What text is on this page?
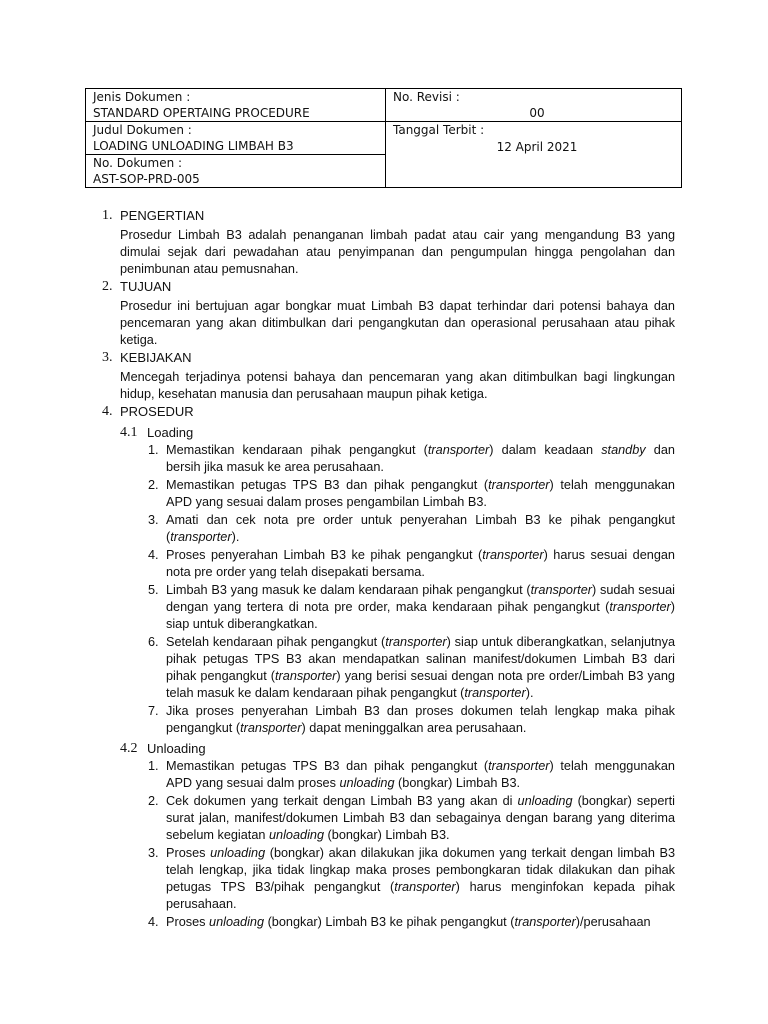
Jenis Dokumen :
STANDARD OPERTAING PROCEDURE	No. Revisi :
00

Judul Dokumen :
LOADING UNLOADING LIMBAH B3	Tanggal Terbit :
12 April 2021

No. Dokumen :
AST-SOP-PRD-005	
1. PENGERTIAN

Prosedur Limbah B3 adalah penanganan limbah padat atau cair yang mengandung B3 yang dimulai sejak dari pewadahan atau penyimpanan dan pengumpulan hingga pengolahan dan penimbunan atau pemusnahan.

2. TUJUAN

Prosedur ini bertujuan agar bongkar muat Limbah B3 dapat terhindar dari potensi bahaya dan pencemaran yang akan ditimbulkan dari pengangkutan dan operasional perusahaan atau pihak ketiga.

3. KEBIJAKAN

Mencegah terjadinya potensi bahaya dan pencemaran yang akan ditimbulkan bagi lingkungan hidup, kesehatan manusia dan perusahaan maupun pihak ketiga.

4. PROSEDUR
4.1 Loading
1. Memastikan kendaraan pihak pengangkut (transporter) dalam keadaan standby dan bersih jika masuk ke area perusahaan.
2. Memastikan petugas TPS B3 dan pihak pengangkut (transporter) telah menggunakan APD yang sesuai dalam proses pengambilan Limbah B3.
3. Amati dan cek nota pre order untuk penyerahan Limbah B3 ke pihak pengangkut (transporter).
4. Proses penyerahan Limbah B3 ke pihak pengangkut (transporter) harus sesuai dengan nota pre order yang telah disepakati bersama.
5. Limbah B3 yang masuk ke dalam kendaraan pihak pengangkut (transporter) sudah sesuai dengan yang tertera di nota pre order, maka kendaraan pihak pengangkut (transporter) siap untuk diberangkatkan.
6. Setelah kendaraan pihak pengangkut (transporter) siap untuk diberangkatkan, selanjutnya pihak petugas TPS B3 akan mendapatkan salinan manifest/dokumen Limbah B3 dari pihak pengangkut (transporter) yang berisi sesuai dengan nota pre order/Limbah B3 yang telah masuk ke dalam kendaraan pihak pengangkut (transporter).
7. Jika proses penyerahan Limbah B3 dan proses dokumen telah lengkap maka pihak pengangkut (transporter) dapat meninggalkan area perusahaan.
4.2 Unloading
1. Memastikan petugas TPS B3 dan pihak pengangkut (transporter) telah menggunakan APD yang sesuai dalm proses unloading (bongkar) Limbah B3.
2. Cek dokumen yang terkait dengan Limbah B3 yang akan di unloading (bongkar) seperti surat jalan, manifest/dokumen Limbah B3 dan sebagainya dengan barang yang diterima sebelum kegiatan unloading (bongkar) Limbah B3.
3. Proses unloading (bongkar) akan dilakukan jika dokumen yang terkait dengan limbah B3 telah lengkap, jika tidak lingkap maka proses pembongkaran tidak dilakukan dan pihak petugas TPS B3/pihak pengangkut (transporter) harus menginfokan kepada pihak perusahaan.
4. Proses unloading (bongkar) Limbah B3 ke pihak pengangkut (transporter)/perusahaan
